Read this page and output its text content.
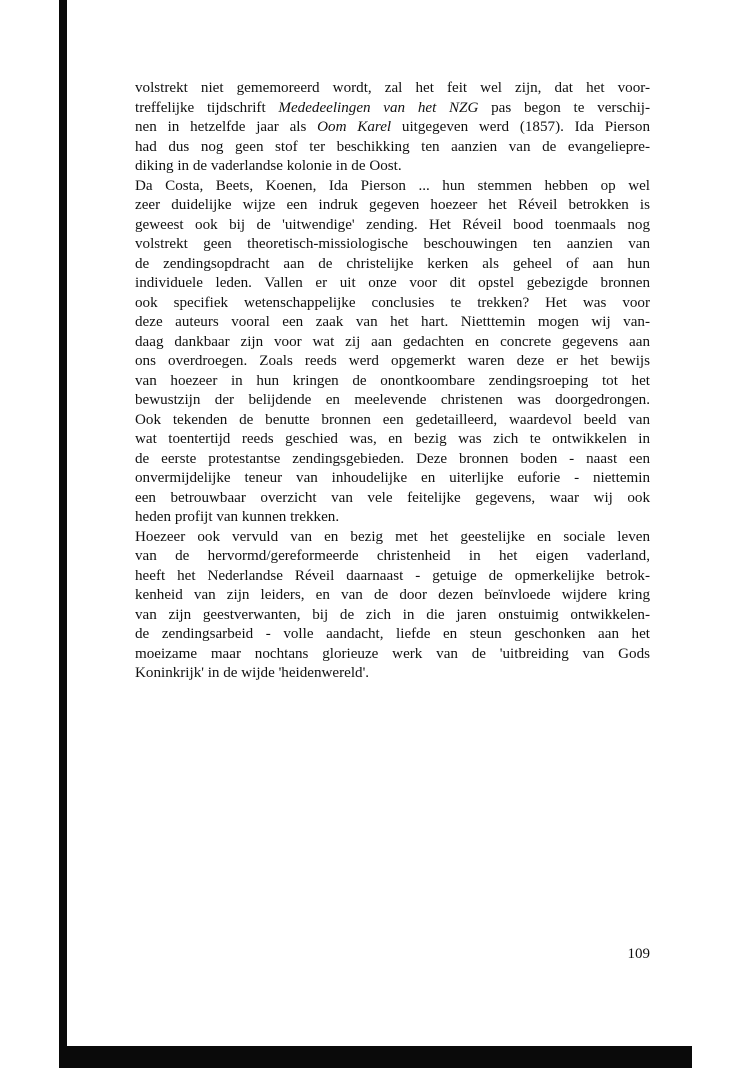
volstrekt niet gememoreerd wordt, zal het feit wel zijn, dat het voor-
treffelijke tijdschrift Mededeelingen van het NZG pas begon te verschij-
nen in hetzelfde jaar als Oom Karel uitgegeven werd (1857). Ida Pierson
had dus nog geen stof ter beschikking ten aanzien van de evangeliepre-
diking in de vaderlandse kolonie in de Oost.
Da Costa, Beets, Koenen, Ida Pierson ... hun stemmen hebben op wel
zeer duidelijke wijze een indruk gegeven hoezeer het Réveil betrokken is
geweest ook bij de 'uitwendige' zending. Het Réveil bood toenmaals nog
volstrekt geen theoretisch-missiologische beschouwingen ten aanzien van
de zendingsopdracht aan de christelijke kerken als geheel of aan hun
individuele leden. Vallen er uit onze voor dit opstel gebezigde bronnen
ook specifiek wetenschappelijke conclusies te trekken? Het was voor
deze auteurs vooral een zaak van het hart. Nietttemin mogen wij van-
daag dankbaar zijn voor wat zij aan gedachten en concrete gegevens aan
ons overdroegen. Zoals reeds werd opgemerkt waren deze er het bewijs
van hoezeer in hun kringen de onontkoombare zendingsroeping tot het
bewustzijn der belijdende en meelevende christenen was doorgedrongen.
Ook tekenden de benutte bronnen een gedetailleerd, waardevol beeld van
wat toentertijd reeds geschied was, en bezig was zich te ontwikkelen in
de eerste protestantse zendingsgebieden. Deze bronnen boden - naast een
onvermijdelijke teneur van inhoudelijke en uiterlijke euforie - niettemin
een betrouwbaar overzicht van vele feitelijke gegevens, waar wij ook
heden profijt van kunnen trekken.
Hoezeer ook vervuld van en bezig met het geestelijke en sociale leven
van de hervormd/gereformeerde christenheid in het eigen vaderland,
heeft het Nederlandse Réveil daarnaast - getuige de opmerkelijke betrok-
kenheid van zijn leiders, en van de door dezen beïnvloede wijdere kring
van zijn geestverwanten, bij de zich in die jaren onstuimig ontwikkelen-
de zendingsarbeid - volle aandacht, liefde en steun geschonken aan het
moeizame maar nochtans glorieuze werk van de 'uitbreiding van Gods
Koninkrijk' in de wijde 'heidenwereld'.
109
